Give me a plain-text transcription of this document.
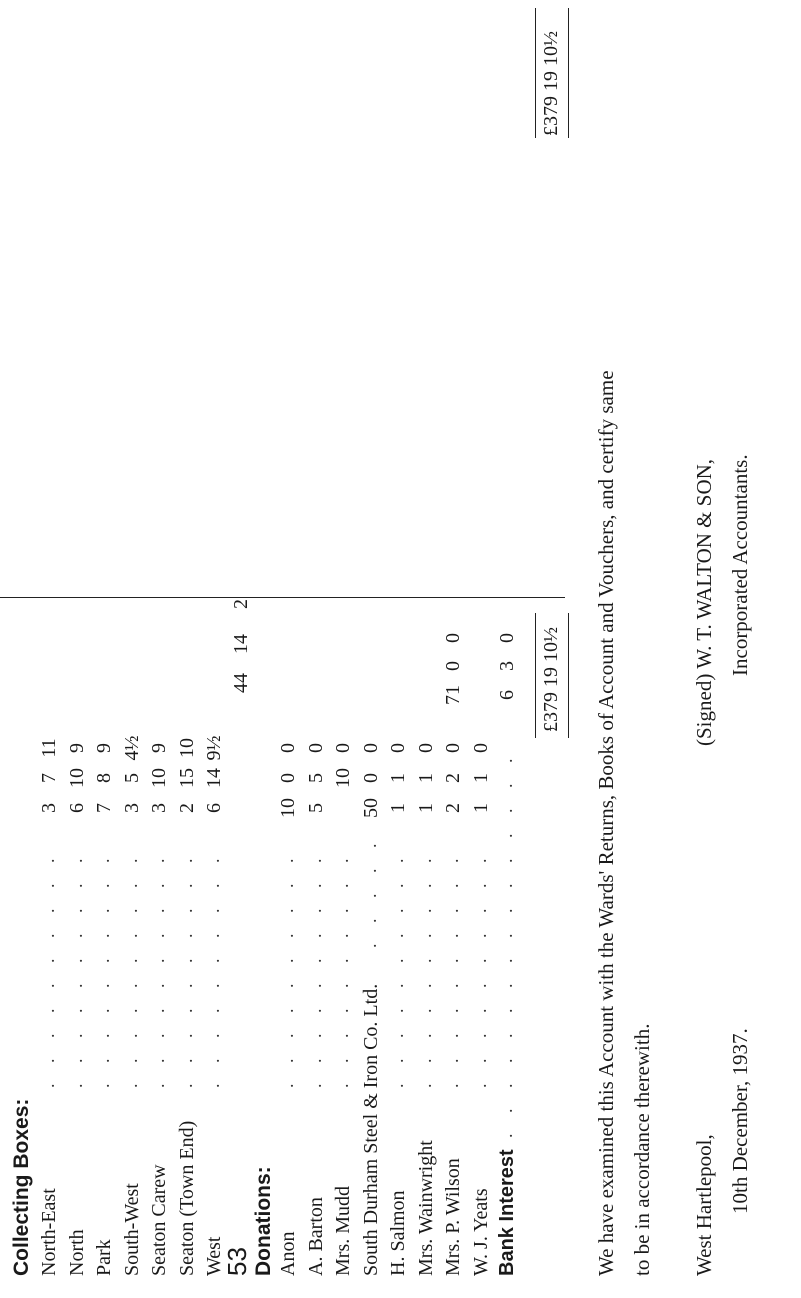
53
Collecting Boxes: North-East
. . . . . . . . . .
3
7
11
North
. . . . . . . . . .
6
10
9
Park
. . . . . . . . . .
7
8
9
South-West
. . . . . . . . . .
3
5
4½
Seaton Carew
. . . . . . . . . .
3
10
9
Seaton (Town End)
. . . . . . . . . .
2
15
10
West
. . . . . . . . . .
6
14
9½
Anon
. . . . . . . . . .
10
0
0
A. Barton
. . . . . . . . . .
5
5
0
Mrs. Mudd
. . . . . . . . . .
10
0
South Durham Steel & Iron Co. Ltd.
. . . . .
50
0
0
H. Salmon
. . . . . . . . . .
1
1
0
Mrs. Wainwright
. . . . . . . . . .
1
1
0
Mrs. P. Wilson
. . . . . . . . . .
2
2
0
W. J. Yeats
. . . . . . . . . .
1
1
0
Donations:	Bank Interest
. . . . . . . . . . . . . . . .
44
14
2
71
0
0
6
3
0 £379 19 10½
£379 19 10½
We have examined this Account with the Wards' Returns, Books of Account and Vouchers, and certify same to be in accordance therewith. West Hartlepool, 10th December, 1937.
(Signed) W. T. WALTON & SON, Incorporated Accountants.
